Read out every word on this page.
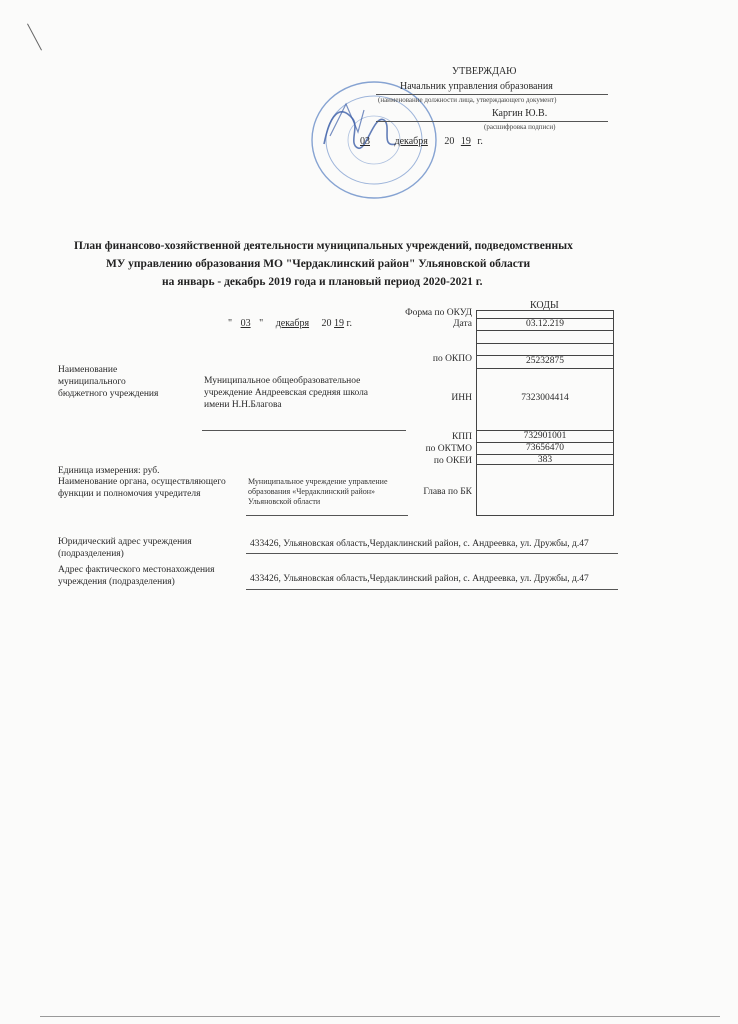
УТВЕРЖДАЮ
Начальник управления образования
(наименование должности лица, утверждающего документ)
Каргин Ю.В.
(расшифровка подписи)
03 декабря 20 19 г.
План финансово-хозяйственной деятельности муниципальных учреждений, подведомственных
МУ управлению образования МО "Чердаклинский район" Ульяновской области
на январь - декабрь 2019 года и плановый период 2020-2021 г.
" 03 " декабря 20 19 г.
КОДЫ
Форма по ОКУД
Дата
по ОКПО
ИНН
КПП
по ОКТМО
по ОКЕИ
Глава по БК
03.12.219
25232875
7323004414
732901001
73656470
383
Наименование
муниципального
бюджетного учреждения
Муниципальное общеобразовательное
учреждение Андреевская средняя школа
имени Н.Н.Благова
Единица измерения: руб.
Наименование органа, осуществляющего
функции и полномочия учредителя
Муниципальное учреждение управление
образования «Чердаклинский район»
Ульяновской области
Юридический адрес учреждения
(подразделения)
433426, Ульяновская область,Чердаклинский район, с. Андреевка, ул. Дружбы, д.47
Адрес фактического местонахождения
учреждения (подразделения)	433426, Ульяновская область,Чердаклинский район, с. Андреевка, ул. Дружбы, д.47
